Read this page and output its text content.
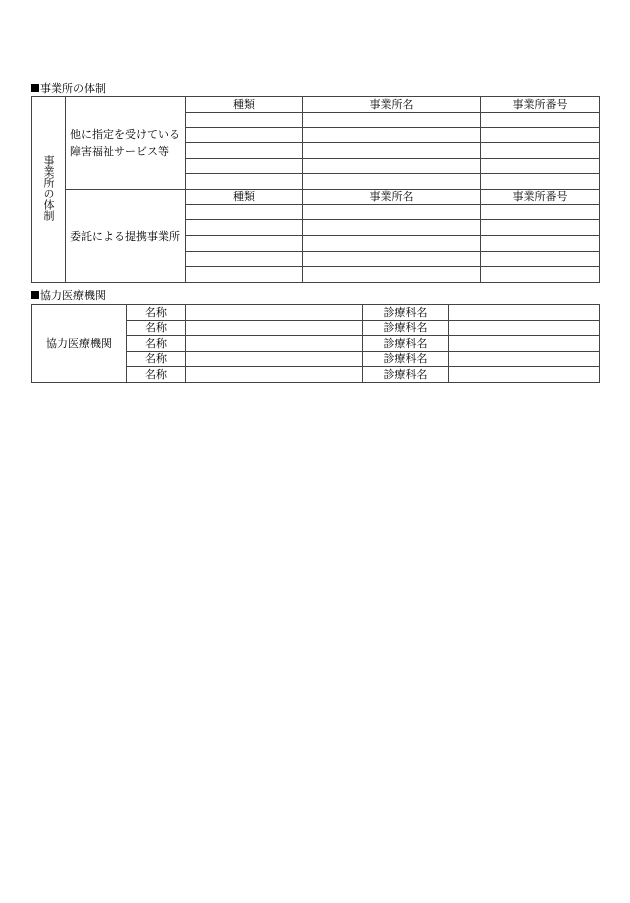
事業所の体制
事業所の体制	他に指定を受けている障害福祉サービス等	種類	事業所名	事業所番号

	委託による提携事業所	種類	事業所名	事業所番号

協力医療機関
協力医療機関	名称		診療科名	

	名称		診療科名	

	名称		診療科名	

	名称		診療科名	

	名称		診療科名	
